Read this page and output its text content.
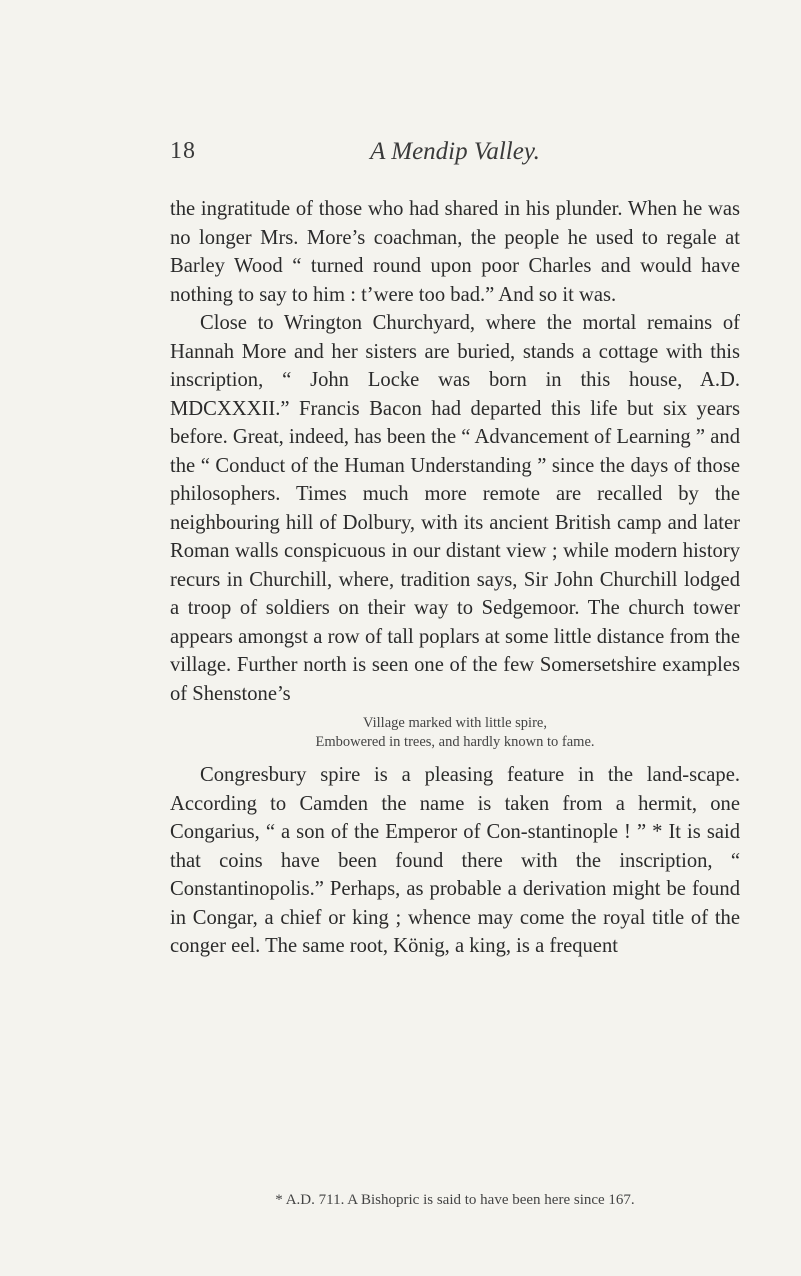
18	A Mendip Valley.

the ingratitude of those who had shared in his plunder. When he was no longer Mrs. More’s coachman, the people he used to regale at Barley Wood “ turned round upon poor Charles and would have nothing to say to him : t’were too bad.” And so it was.

Close to Wrington Churchyard, where the mortal remains of Hannah More and her sisters are buried, stands a cottage with this inscription, “ John Locke was born in this house, A.D. MDCXXXII.” Francis Bacon had departed this life but six years before. Great, indeed, has been the “ Advancement of Learning ” and the “ Conduct of the Human Understanding ” since the days of those philosophers. Times much more remote are recalled by the neighbouring hill of Dolbury, with its ancient British camp and later Roman walls conspicuous in our distant view ; while modern history recurs in Churchill, where, tradition says, Sir John Churchill lodged a troop of soldiers on their way to Sedgemoor. The church tower appears amongst a row of tall poplars at some little distance from the village. Further north is seen one of the few Somersetshire examples of Shenstone’s

Village marked with little spire,
Embowered in trees, and hardly known to fame.

Congresbury spire is a pleasing feature in the land-scape. According to Camden the name is taken from a hermit, one Congarius, “ a son of the Emperor of Con-stantinople ! ” * It is said that coins have been found there with the inscription, “ Constantinopolis.” Perhaps, as probable a derivation might be found in Congar, a chief or king ; whence may come the royal title of the conger eel. The same root, König, a king, is a frequent

* A.D. 711. A Bishopric is said to have been here since 167.
